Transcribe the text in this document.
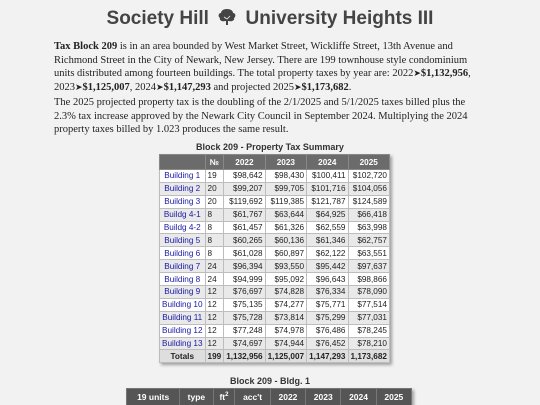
Society Hill University Heights III

Tax Block 209 is in an area bounded by West Market Street, Wickliffe Street, 13th Avenue and Richmond Street in the City of Newark, New Jersey. There are 199 townhouse style condominium units distributed among fourteen buildings. The total property taxes by year are: 2022➤$1,132,956, 2023➤$1,125,007, 2024➤$1,147,293 and projected 2025➤$1,173,682.

The 2025 projected property tax is the doubling of the 2/1/2025 and 5/1/2025 taxes billed plus the 2.3% tax increase approved by the Newark City Council in September 2024. Multiplying the 2024 property taxes billed by 1.023 produces the same result.

Block 209 - Property Tax Summary
	№	2022	2023	2024	2025
Building 1	19	$98,642	$98,430	$100,411	$102,720
Building 2	20	$99,207	$99,705	$101,716	$104,056
Building 3	20	$119,692	$119,385	$121,787	$124,589
Buildg 4-1	8	$61,767	$63,644	$64,925	$66,418
Buildg 4-2	8	$61,457	$61,326	$62,559	$63,998
Building 5	8	$60,265	$60,136	$61,346	$62,757
Building 6	8	$61,028	$60,897	$62,122	$63,551
Building 7	24	$96,394	$93,550	$95,442	$97,637
Building 8	24	$94,999	$95,092	$96,643	$98,866
Building 9	12	$76,697	$74,828	$76,334	$78,090
Building 10	12	$75,135	$74,277	$75,771	$77,514
Building 11	12	$75,728	$73,814	$75,299	$77,031
Building 12	12	$77,248	$74,978	$76,486	$78,245
Building 13	12	$74,697	$74,944	$76,452	$78,210
Totals	199	1,132,956	1,125,007	1,147,293	1,173,682
Block 209 - Bldg. 1
19 units	type	$ft^2$	acc't	2022	2023	2024	2025
